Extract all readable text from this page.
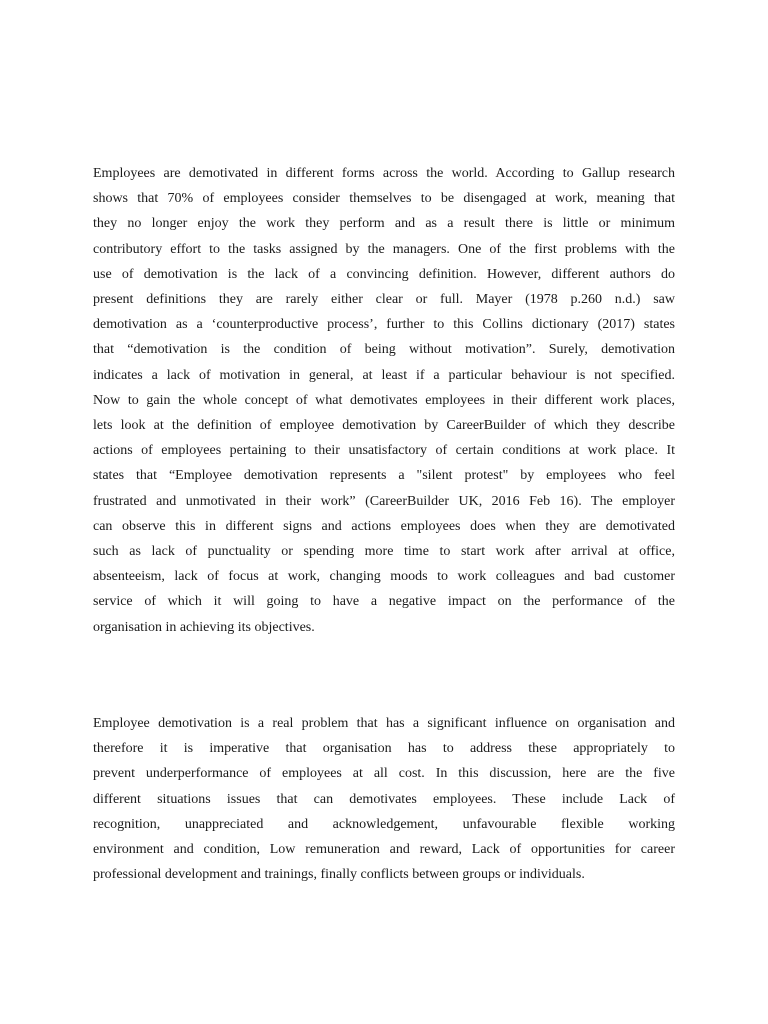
Employees are demotivated in different forms across the world. According to Gallup research
shows that 70% of employees consider themselves to be disengaged at work, meaning that
they no longer enjoy the work they perform and as a result there is little or minimum
contributory effort to the tasks assigned by the managers. One of the first problems with the
use of demotivation is the lack of a convincing definition. However, different authors do
present definitions they are rarely either clear or full. Mayer (1978 p.260 n.d.) saw
demotivation as a ‘counterproductive process’, further to this Collins dictionary (2017) states
that “demotivation is the condition of being without motivation”. Surely, demotivation
indicates a lack of motivation in general, at least if a particular behaviour is not specified.
Now to gain the whole concept of what demotivates employees in their different work places,
lets look at the definition of employee demotivation by CareerBuilder of which they describe
actions of employees pertaining to their unsatisfactory of certain conditions at work place. It
states that “Employee demotivation represents a "silent protest" by employees who feel
frustrated and unmotivated in their work” (CareerBuilder UK, 2016 Feb 16). The employer
can observe this in different signs and actions employees does when they are demotivated
such as lack of punctuality or spending more time to start work after arrival at office,
absenteeism, lack of focus at work, changing moods to work colleagues and bad customer
service of which it will going to have a negative impact on the performance of the
organisation in achieving its objectives.

Employee demotivation is a real problem that has a significant influence on organisation and
therefore it is imperative that organisation has to address these appropriately to
prevent underperformance of employees at all cost. In this discussion, here are the five
different situations issues that can demotivates employees. These include Lack of
recognition, unappreciated and acknowledgement, unfavourable flexible working
environment and condition, Low remuneration and reward, Lack of opportunities for career
professional development and trainings, finally conflicts between groups or individuals.
